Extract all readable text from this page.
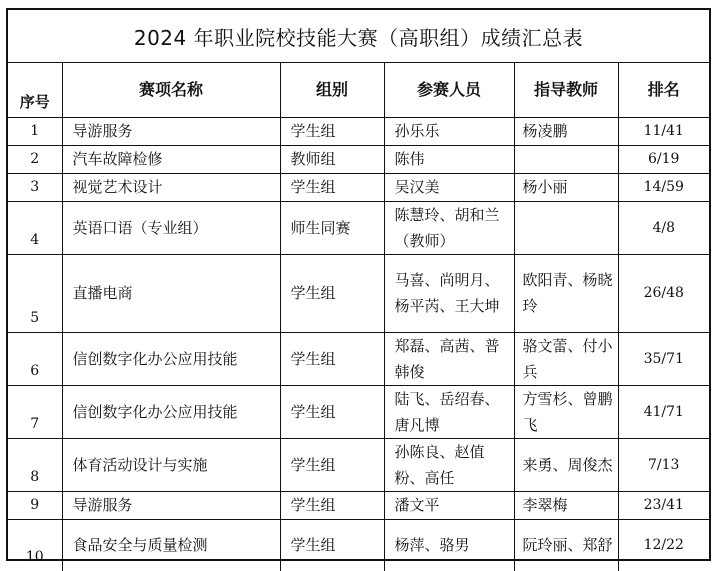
2024 年职业院校技能大赛（高职组）成绩汇总表
序号	赛项名称	组别	参赛人员	指导教师	排名
1	导游服务	学生组	孙乐乐	杨凌鹏	11/41
2	汽车故障检修	教师组	陈伟		6/19
3	视觉艺术设计	学生组	吴汉美	杨小丽	14/59
4	英语口语（专业组）	师生同赛	陈慧玲、胡和兰（教师）		4/8
5	直播电商	学生组	马喜、尚明月、杨平芮、王大坤	欧阳青、杨晓玲	26/48
6	信创数字化办公应用技能	学生组	郑磊、高茜、普韩俊	骆文蕾、付小兵	35/71
7	信创数字化办公应用技能	学生组	陆飞、岳绍春、唐凡博	方雪杉、曾鹏飞	41/71
8	体育活动设计与实施	学生组	孙陈良、赵值粉、高任	来勇、周俊杰	7/13
9	导游服务	学生组	潘文平	李翠梅	23/41
10	食品安全与质量检测	学生组	杨萍、骆男	阮玲丽、郑舒	12/22
